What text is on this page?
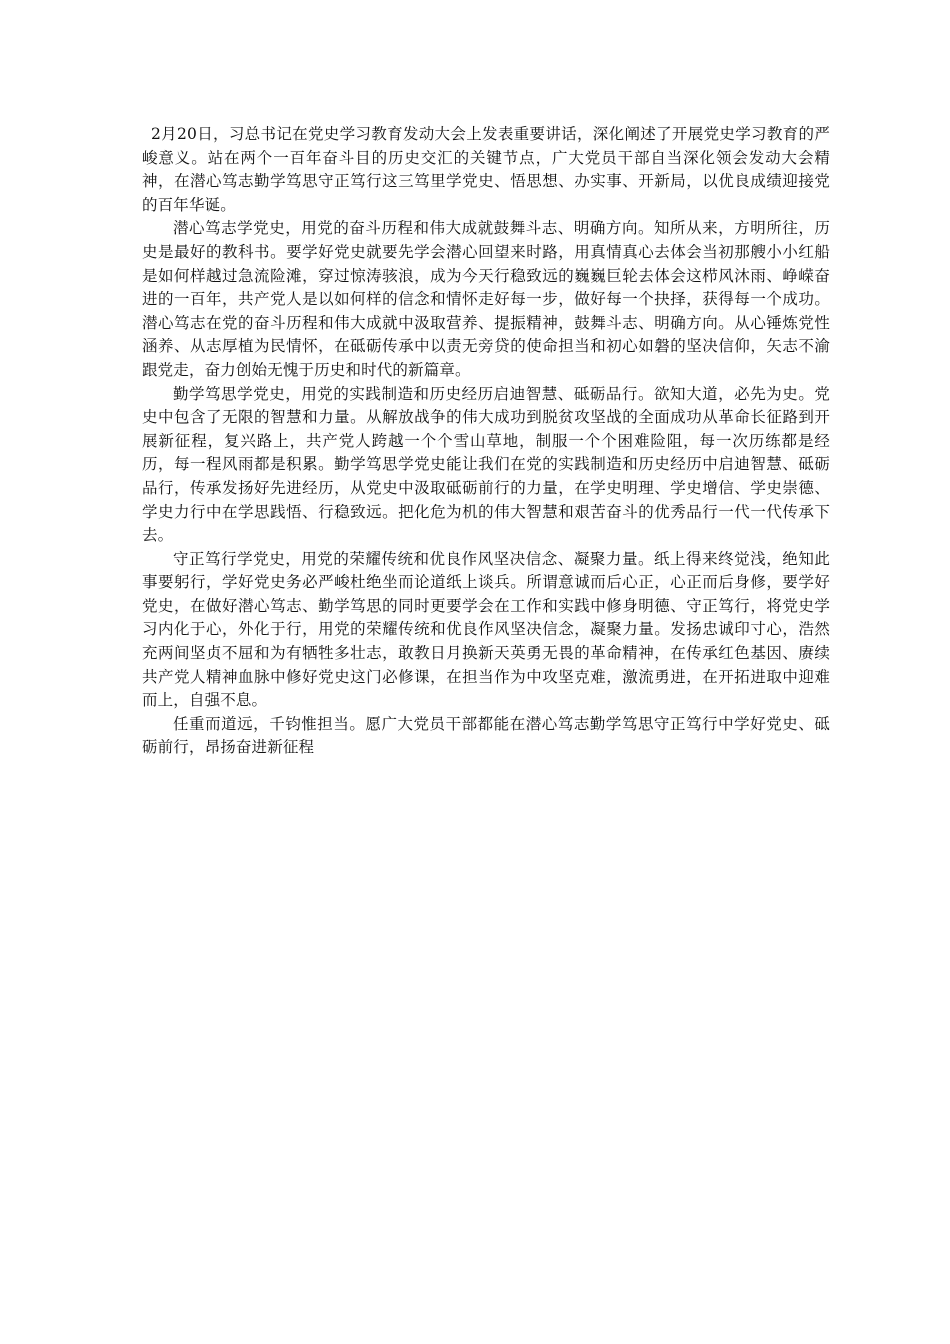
2月20日，习总书记在党史学习教育发动大会上发表重要讲话，深化阐述了开展党史学习教育的严峻意义。站在两个一百年奋斗目的历史交汇的关键节点，广大党员干部自当深化领会发动大会精神，在潜心笃志勤学笃思守正笃行这三笃里学党史、悟思想、办实事、开新局，以优良成绩迎接党的百年华诞。

潜心笃志学党史，用党的奋斗历程和伟大成就鼓舞斗志、明确方向。知所从来，方明所往，历史是最好的教科书。要学好党史就要先学会潜心回望来时路，用真情真心去体会当初那艘小小红船是如何样越过急流险滩，穿过惊涛骇浪，成为今天行稳致远的巍巍巨轮去体会这栉风沐雨、峥嵘奋进的一百年，共产党人是以如何样的信念和情怀走好每一步，做好每一个抉择，获得每一个成功。潜心笃志在党的奋斗历程和伟大成就中汲取营养、提振精神，鼓舞斗志、明确方向。从心锤炼党性涵养、从志厚植为民情怀，在砥砺传承中以责无旁贷的使命担当和初心如磐的坚决信仰，矢志不渝跟党走，奋力创始无愧于历史和时代的新篇章。

勤学笃思学党史，用党的实践制造和历史经历启迪智慧、砥砺品行。欲知大道，必先为史。党史中包含了无限的智慧和力量。从解放战争的伟大成功到脱贫攻坚战的全面成功从革命长征路到开展新征程，复兴路上，共产党人跨越一个个雪山草地，制服一个个困难险阻，每一次历练都是经历，每一程风雨都是积累。勤学笃思学党史能让我们在党的实践制造和历史经历中启迪智慧、砥砺品行，传承发扬好先进经历，从党史中汲取砥砺前行的力量，在学史明理、学史增信、学史崇德、学史力行中在学思践悟、行稳致远。把化危为机的伟大智慧和艰苦奋斗的优秀品行一代一代传承下去。

守正笃行学党史，用党的荣耀传统和优良作风坚决信念、凝聚力量。纸上得来终觉浅，绝知此事要躬行，学好党史务必严峻杜绝坐而论道纸上谈兵。所谓意诚而后心正，心正而后身修，要学好党史，在做好潜心笃志、勤学笃思的同时更要学会在工作和实践中修身明德、守正笃行，将党史学习内化于心，外化于行，用党的荣耀传统和优良作风坚决信念，凝聚力量。发扬忠诚印寸心，浩然充两间坚贞不屈和为有牺牲多壮志，敢教日月换新天英勇无畏的革命精神，在传承红色基因、赓续共产党人精神血脉中修好党史这门必修课，在担当作为中攻坚克难，激流勇进，在开拓进取中迎难而上，自强不息。

任重而道远，千钧惟担当。愿广大党员干部都能在潜心笃志勤学笃思守正笃行中学好党史、砥砺前行，昂扬奋进新征程
